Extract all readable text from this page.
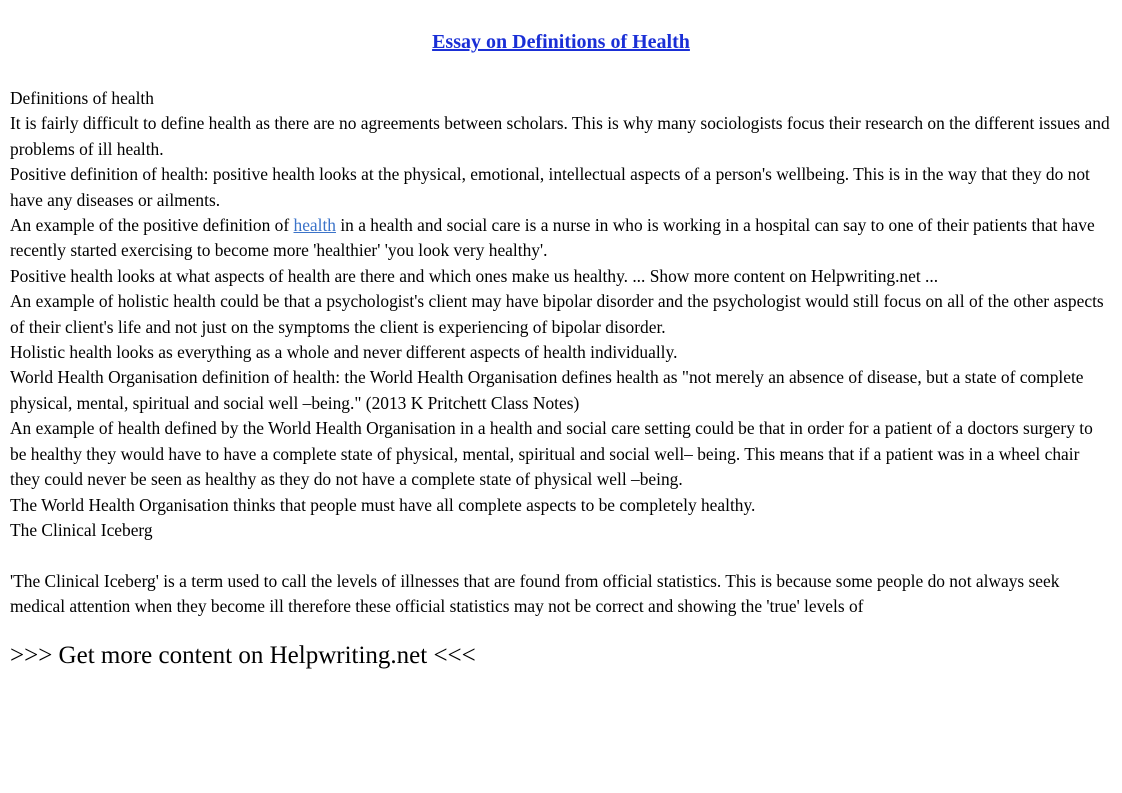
Essay on Definitions of Health

Definitions of health

It is fairly difficult to define health as there are no agreements between scholars. This is why many sociologists focus their research on the different issues and problems of ill health.

Positive definition of health: positive health looks at the physical, emotional, intellectual aspects of a person's wellbeing. This is in the way that they do not have any diseases or ailments.

An example of the positive definition of health in a health and social care is a nurse in who is working in a hospital can say to one of their patients that have recently started exercising to become more 'healthier' 'you look very healthy'.

Positive health looks at what aspects of health are there and which ones make us healthy. ... Show more content on Helpwriting.net ...

An example of holistic health could be that a psychologist's client may have bipolar disorder and the psychologist would still focus on all of the other aspects of their client's life and not just on the symptoms the client is experiencing of bipolar disorder.

Holistic health looks as everything as a whole and never different aspects of health individually.

World Health Organisation definition of health: the World Health Organisation defines health as "not merely an absence of disease, but a state of complete physical, mental, spiritual and social well –being." (2013 K Pritchett Class Notes)

An example of health defined by the World Health Organisation in a health and social care setting could be that in order for a patient of a doctors surgery to be healthy they would have to have a complete state of physical, mental, spiritual and social well– being. This means that if a patient was in a wheel chair they could never be seen as healthy as they do not have a complete state of physical well –being.

The World Health Organisation thinks that people must have all complete aspects to be completely healthy.

The Clinical Iceberg

'The Clinical Iceberg' is a term used to call the levels of illnesses that are found from official statistics. This is because some people do not always seek medical attention when they become ill therefore these official statistics may not be correct and showing the 'true' levels of

>>> Get more content on Helpwriting.net <<<
